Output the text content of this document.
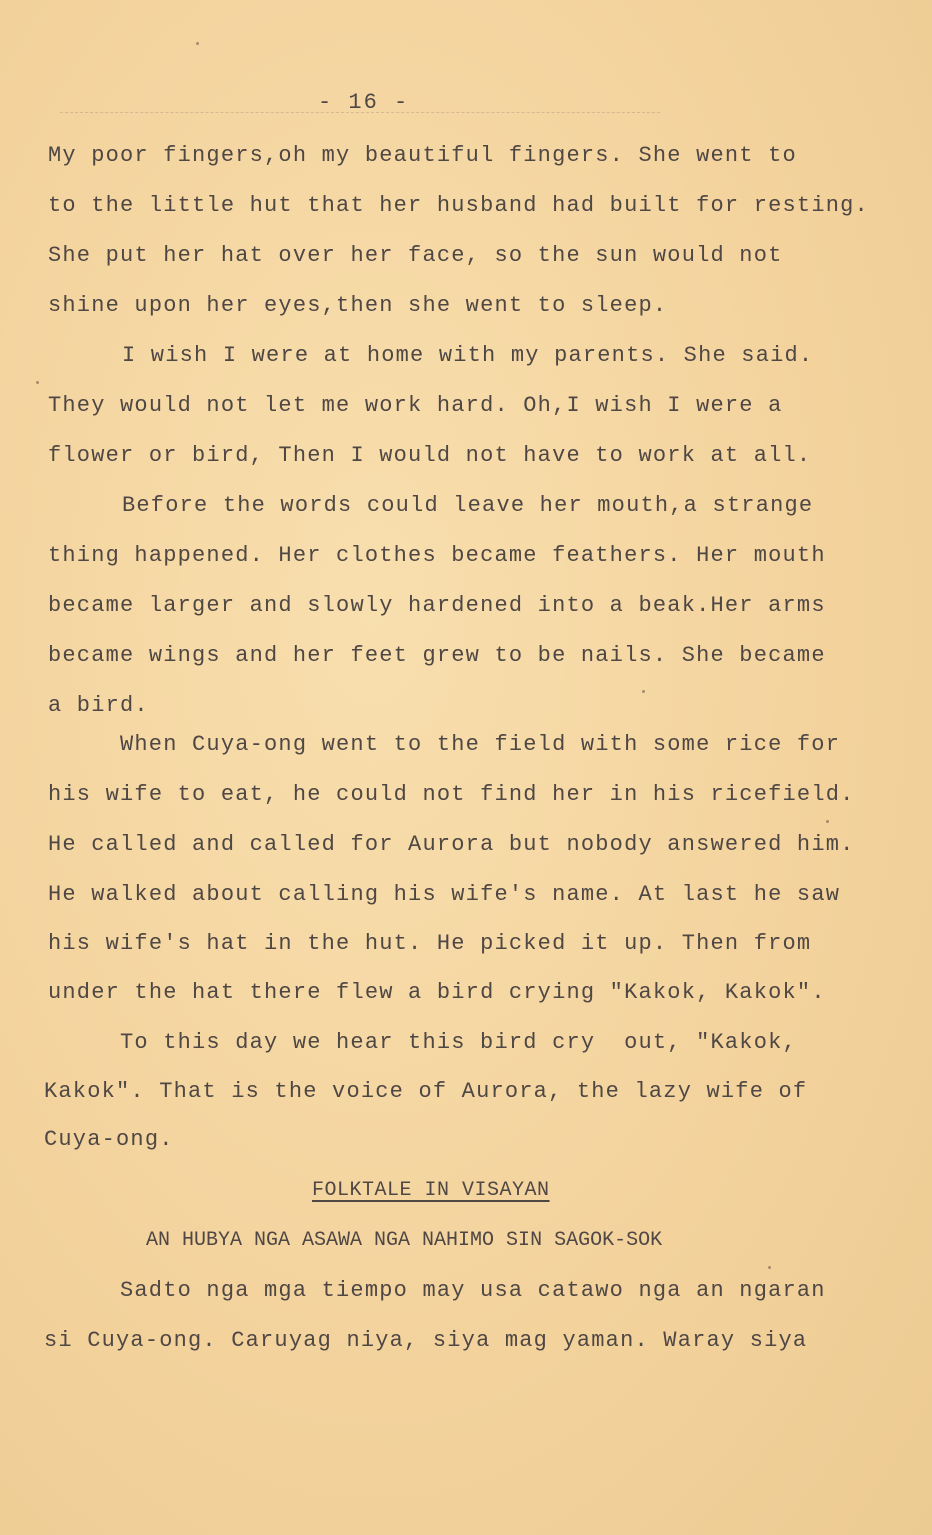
- 16 -
My poor fingers,oh my beautiful fingers. She went to
to the little hut that her husband had built for resting.
She put her hat over her face, so the sun would not
shine upon her eyes,then she went to sleep.
I wish I were at home with my parents. She said.
They would not let me work hard. Oh,I wish I were a
flower or bird, Then I would not have to work at all.
Before the words could leave her mouth,a strange
thing happened. Her clothes became feathers. Her mouth
became larger and slowly hardened into a beak.Her arms
became wings and her feet grew to be nails. She became
a bird.
When Cuya-ong went to the field with some rice for
his wife to eat, he could not find her in his ricefield.
He called and called for Aurora but nobody answered him.
He walked about calling his wife's name. At last he saw
his wife's hat in the hut. He picked it up. Then from
under the hat there flew a bird crying "Kakok, Kakok".
To this day we hear this bird cry  out, "Kakok,
Kakok". That is the voice of Aurora, the lazy wife of
Cuya-ong.
FOLKTALE IN VISAYAN
AN HUBYA NGA ASAWA NGA NAHIMO SIN SAGOK-SOK
Sadto nga mga tiempo may usa catawo nga an ngaran
si Cuya-ong. Caruyag niya, siya mag yaman. Waray siya
